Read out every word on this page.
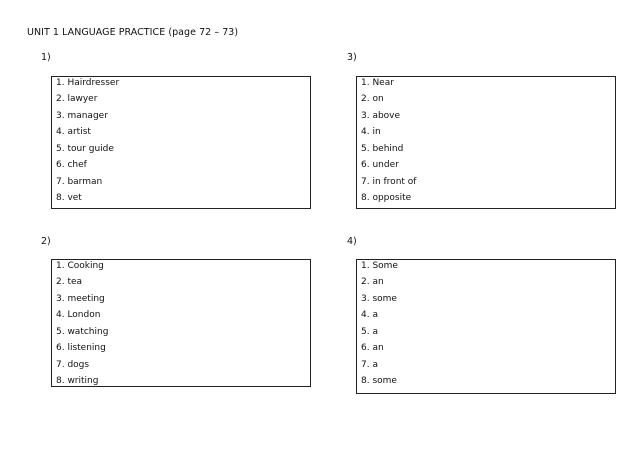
UNIT 1 LANGUAGE PRACTICE (page 72 – 73)
1)
1. Hairdresser
2. lawyer
3. manager
4. artist
5. tour guide
6. chef
7. barman
8. vet
3)
1. Near
2. on
3. above
4. in
5. behind
6. under
7. in front of
8. opposite
2)
1. Cooking
2. tea
3. meeting
4. London
5. watching
6. listening
7. dogs
8. writing
4)
1. Some
2. an
3. some
4. a
5. a
6. an
7. a
8. some
